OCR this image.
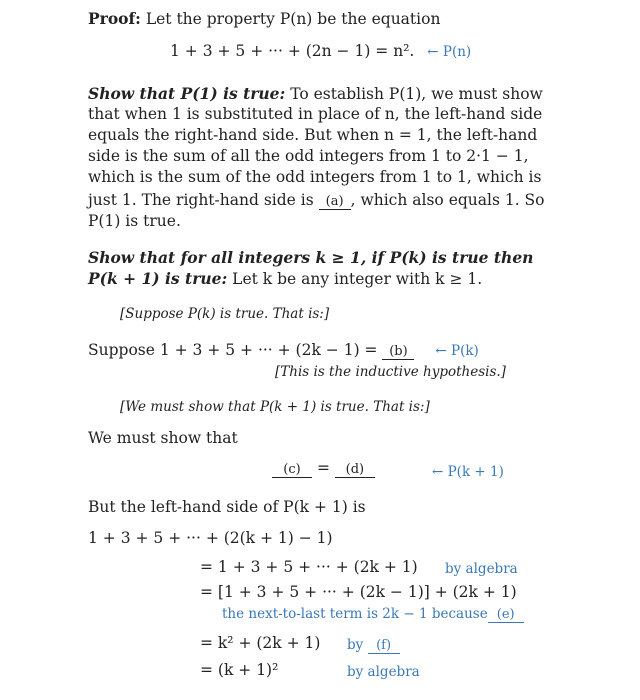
Proof: Let the property P(n) be the equation
1 + 3 + 5 + ··· + (2n − 1) = n². ← P(n)
Show that P(1) is true: To establish P(1), we must show
that when 1 is substituted in place of n, the left-hand side
equals the right-hand side. But when n = 1, the left-hand
side is the sum of all the odd integers from 1 to 2·1 − 1,
which is the sum of the odd integers from 1 to 1, which is
just 1. The right-hand side is (a) , which also equals 1. So
P(1) is true.
Show that for all integers k ≥ 1, if P(k) is true then
P(k + 1) is true: Let k be any integer with k ≥ 1.
[Suppose P(k) is true. That is:]
Suppose 1 + 3 + 5 + ··· + (2k − 1) = (b) ← P(k)
[This is the inductive hypothesis.]
[We must show that P(k + 1) is true. That is:]
We must show that
(c) = (d)	← P(k + 1)
But the left-hand side of P(k + 1) is
1 + 3 + 5 + ··· + (2(k + 1) − 1)
= 1 + 3 + 5 + ··· + (2k + 1) by algebra
= [1 + 3 + 5 + ··· + (2k − 1)] + (2k + 1)
the next-to-last term is 2k − 1 because (e)
= k² + (2k + 1) by (f)
= (k + 1)²	by algebra
